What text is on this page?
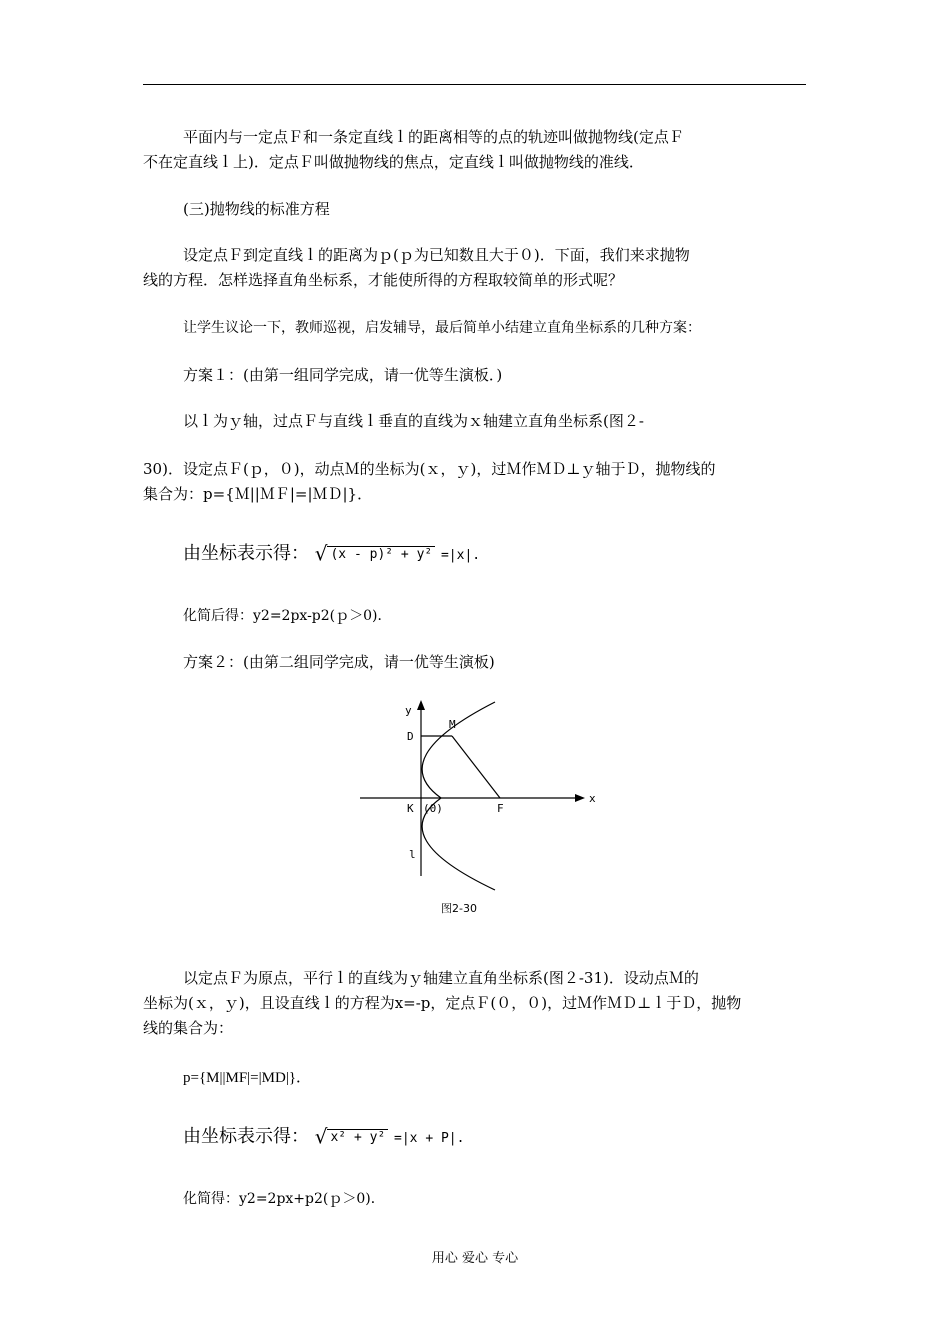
平面内与一定点Ｆ和一条定直线ｌ的距离相等的点的轨迹叫做抛物线(定点Ｆ
不在定直线ｌ上)．定点Ｆ叫做抛物线的焦点，定直线ｌ叫做抛物线的准线．
(三)抛物线的标准方程
设定点Ｆ到定直线ｌ的距离为ｐ(ｐ为已知数且大于０)．下面，我们来求抛物
线的方程．怎样选择直角坐标系，才能使所得的方程取较简单的形式呢？
让学生议论一下，教师巡视，启发辅导，最后简单小结建立直角坐标系的几种方案：
方案１：(由第一组同学完成，请一优等生演板．)
以ｌ为ｙ轴，过点Ｆ与直线ｌ垂直的直线为ｘ轴建立直角坐标系(图２-
30)．设定点Ｆ(ｐ，０)，动点Ｍ的坐标为(ｘ，ｙ)，过Ｍ作ＭＤ⊥ｙ轴于Ｄ，抛物线的
集合为：p={Ｍ||ＭＦ|=|ＭＤ|}．
由坐标表示得： √ (x - p)² + y² =|x|.
化简后得：y2=2px-p2(ｐ＞0)．
方案２：(由第二组同学完成，请一优等生演板)
y
x
M
D
K (0)	F
l
图2-30
以定点Ｆ为原点，平行ｌ的直线为ｙ轴建立直角坐标系(图２-31)．设动点Ｍ的
坐标为(ｘ，ｙ)，且设直线ｌ的方程为x=-p，定点Ｆ(０，０)，过Ｍ作ＭＤ⊥ｌ于Ｄ，抛物
线的集合为：
p={M||MF|=|MD|}．
由坐标表示得： √ x² + y² =|x + P|.
化简得：y2=2px+p2(ｐ＞0)．
用心 爱心 专心
